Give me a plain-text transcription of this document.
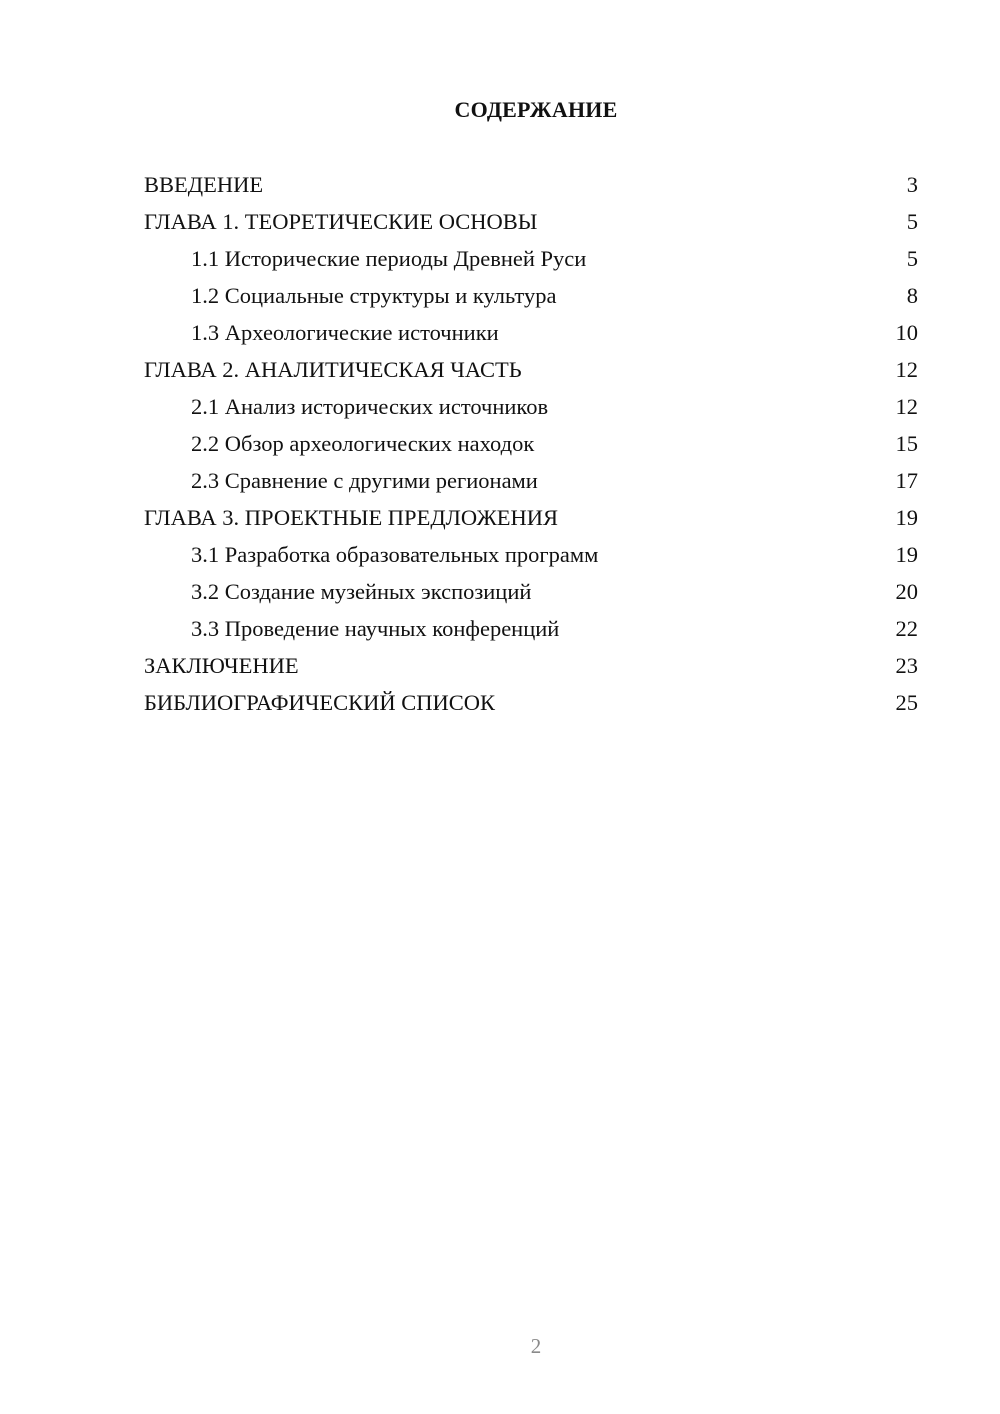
СОДЕРЖАНИЕ
ВВЕДЕНИЕ	3
ГЛАВА 1. ТЕОРЕТИЧЕСКИЕ ОСНОВЫ	5
1.1 Исторические периоды Древней Руси	5
1.2 Социальные структуры и культура	8
1.3 Археологические источники	10
ГЛАВА 2. АНАЛИТИЧЕСКАЯ ЧАСТЬ	12
2.1 Анализ исторических источников	12
2.2 Обзор археологических находок	15
2.3 Сравнение с другими регионами	17
ГЛАВА 3. ПРОЕКТНЫЕ ПРЕДЛОЖЕНИЯ	19
3.1 Разработка образовательных программ	19
3.2 Создание музейных экспозиций	20
3.3 Проведение научных конференций	22
ЗАКЛЮЧЕНИЕ	23
БИБЛИОГРАФИЧЕСКИЙ СПИСОК	25
2
